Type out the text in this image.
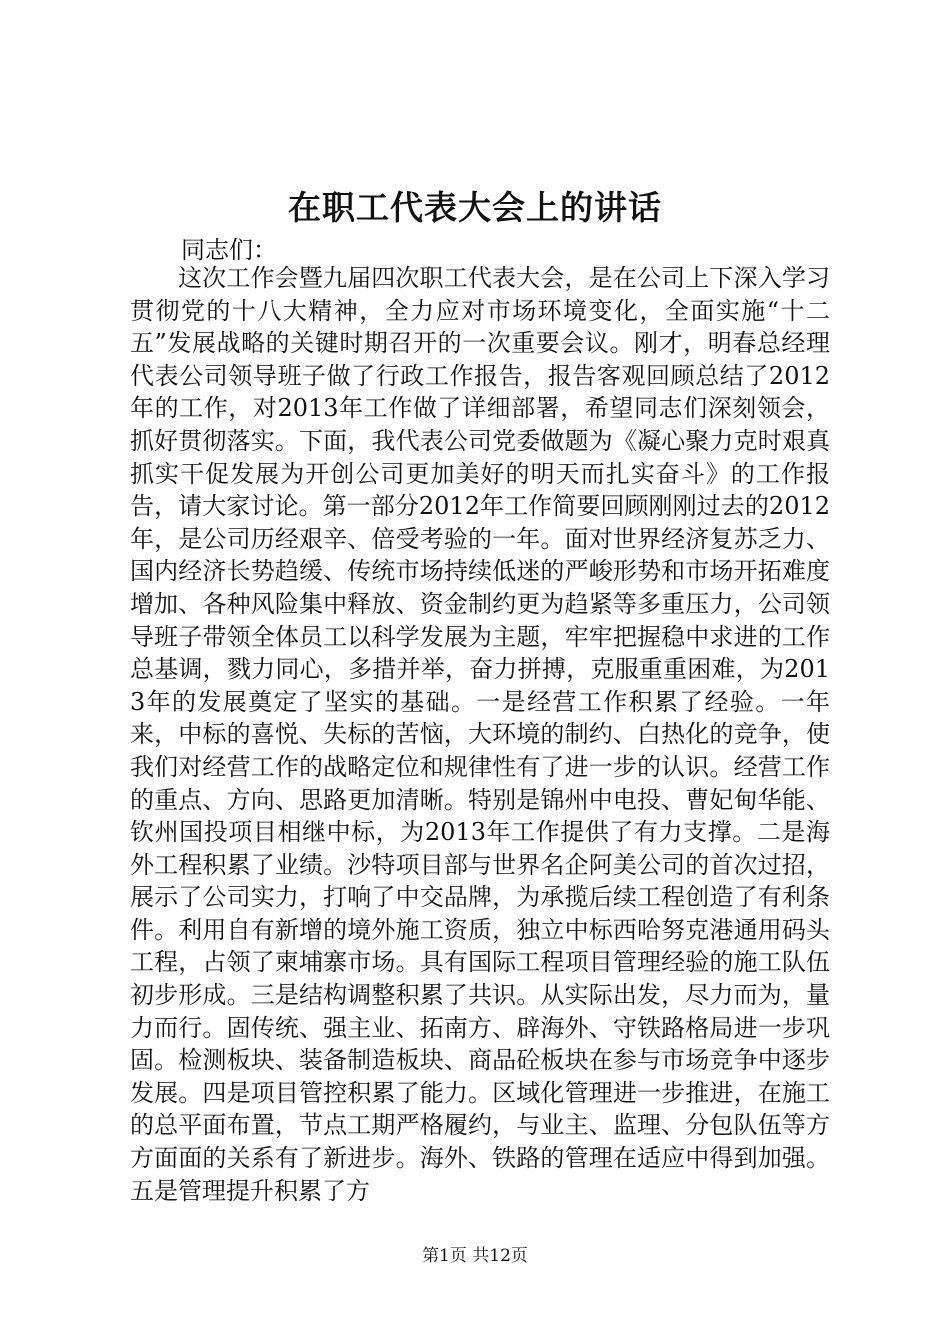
在职工代表大会上的讲话
同志们：

这次工作会暨九届四次职工代表大会，是在公司上下深入学习贯彻党的十八大精神，全力应对市场环境变化，全面实施“十二五”发展战略的关键时期召开的一次重要会议。刚才，明春总经理代表公司领导班子做了行政工作报告，报告客观回顾总结了2012年的工作，对2013年工作做了详细部署，希望同志们深刻领会，抓好贯彻落实。下面，我代表公司党委做题为《凝心聚力克时艰真抓实干促发展为开创公司更加美好的明天而扎实奋斗》的工作报告，请大家讨论。第一部分2012年工作简要回顾刚刚过去的2012年，是公司历经艰辛、倍受考验的一年。面对世界经济复苏乏力、国内经济长势趋缓、传统市场持续低迷的严峻形势和市场开拓难度增加、各种风险集中释放、资金制约更为趋紧等多重压力，公司领导班子带领全体员工以科学发展为主题，牢牢把握稳中求进的工作总基调，戮力同心，多措并举，奋力拼搏，克服重重困难，为2013年的发展奠定了坚实的基础。一是经营工作积累了经验。一年来，中标的喜悦、失标的苦恼，大环境的制约、白热化的竞争，使我们对经营工作的战略定位和规律性有了进一步的认识。经营工作的重点、方向、思路更加清晰。特别是锦州中电投、曹妃甸华能、钦州国投项目相继中标，为2013年工作提供了有力支撑。二是海外工程积累了业绩。沙特项目部与世界名企阿美公司的首次过招，展示了公司实力，打响了中交品牌，为承揽后续工程创造了有利条件。利用自有新增的境外施工资质，独立中标西哈努克港通用码头工程，占领了柬埔寨市场。具有国际工程项目管理经验的施工队伍初步形成。三是结构调整积累了共识。从实际出发，尽力而为，量力而行。固传统、强主业、拓南方、辟海外、守铁路格局进一步巩固。检测板块、装备制造板块、商品砼板块在参与市场竞争中逐步发展。四是项目管控积累了能力。区域化管理进一步推进，在施工的总平面布置，节点工期严格履约，与业主、监理、分包队伍等方方面面的关系有了新进步。海外、铁路的管理在适应中得到加强。五是管理提升积累了方

第1页 共12页
